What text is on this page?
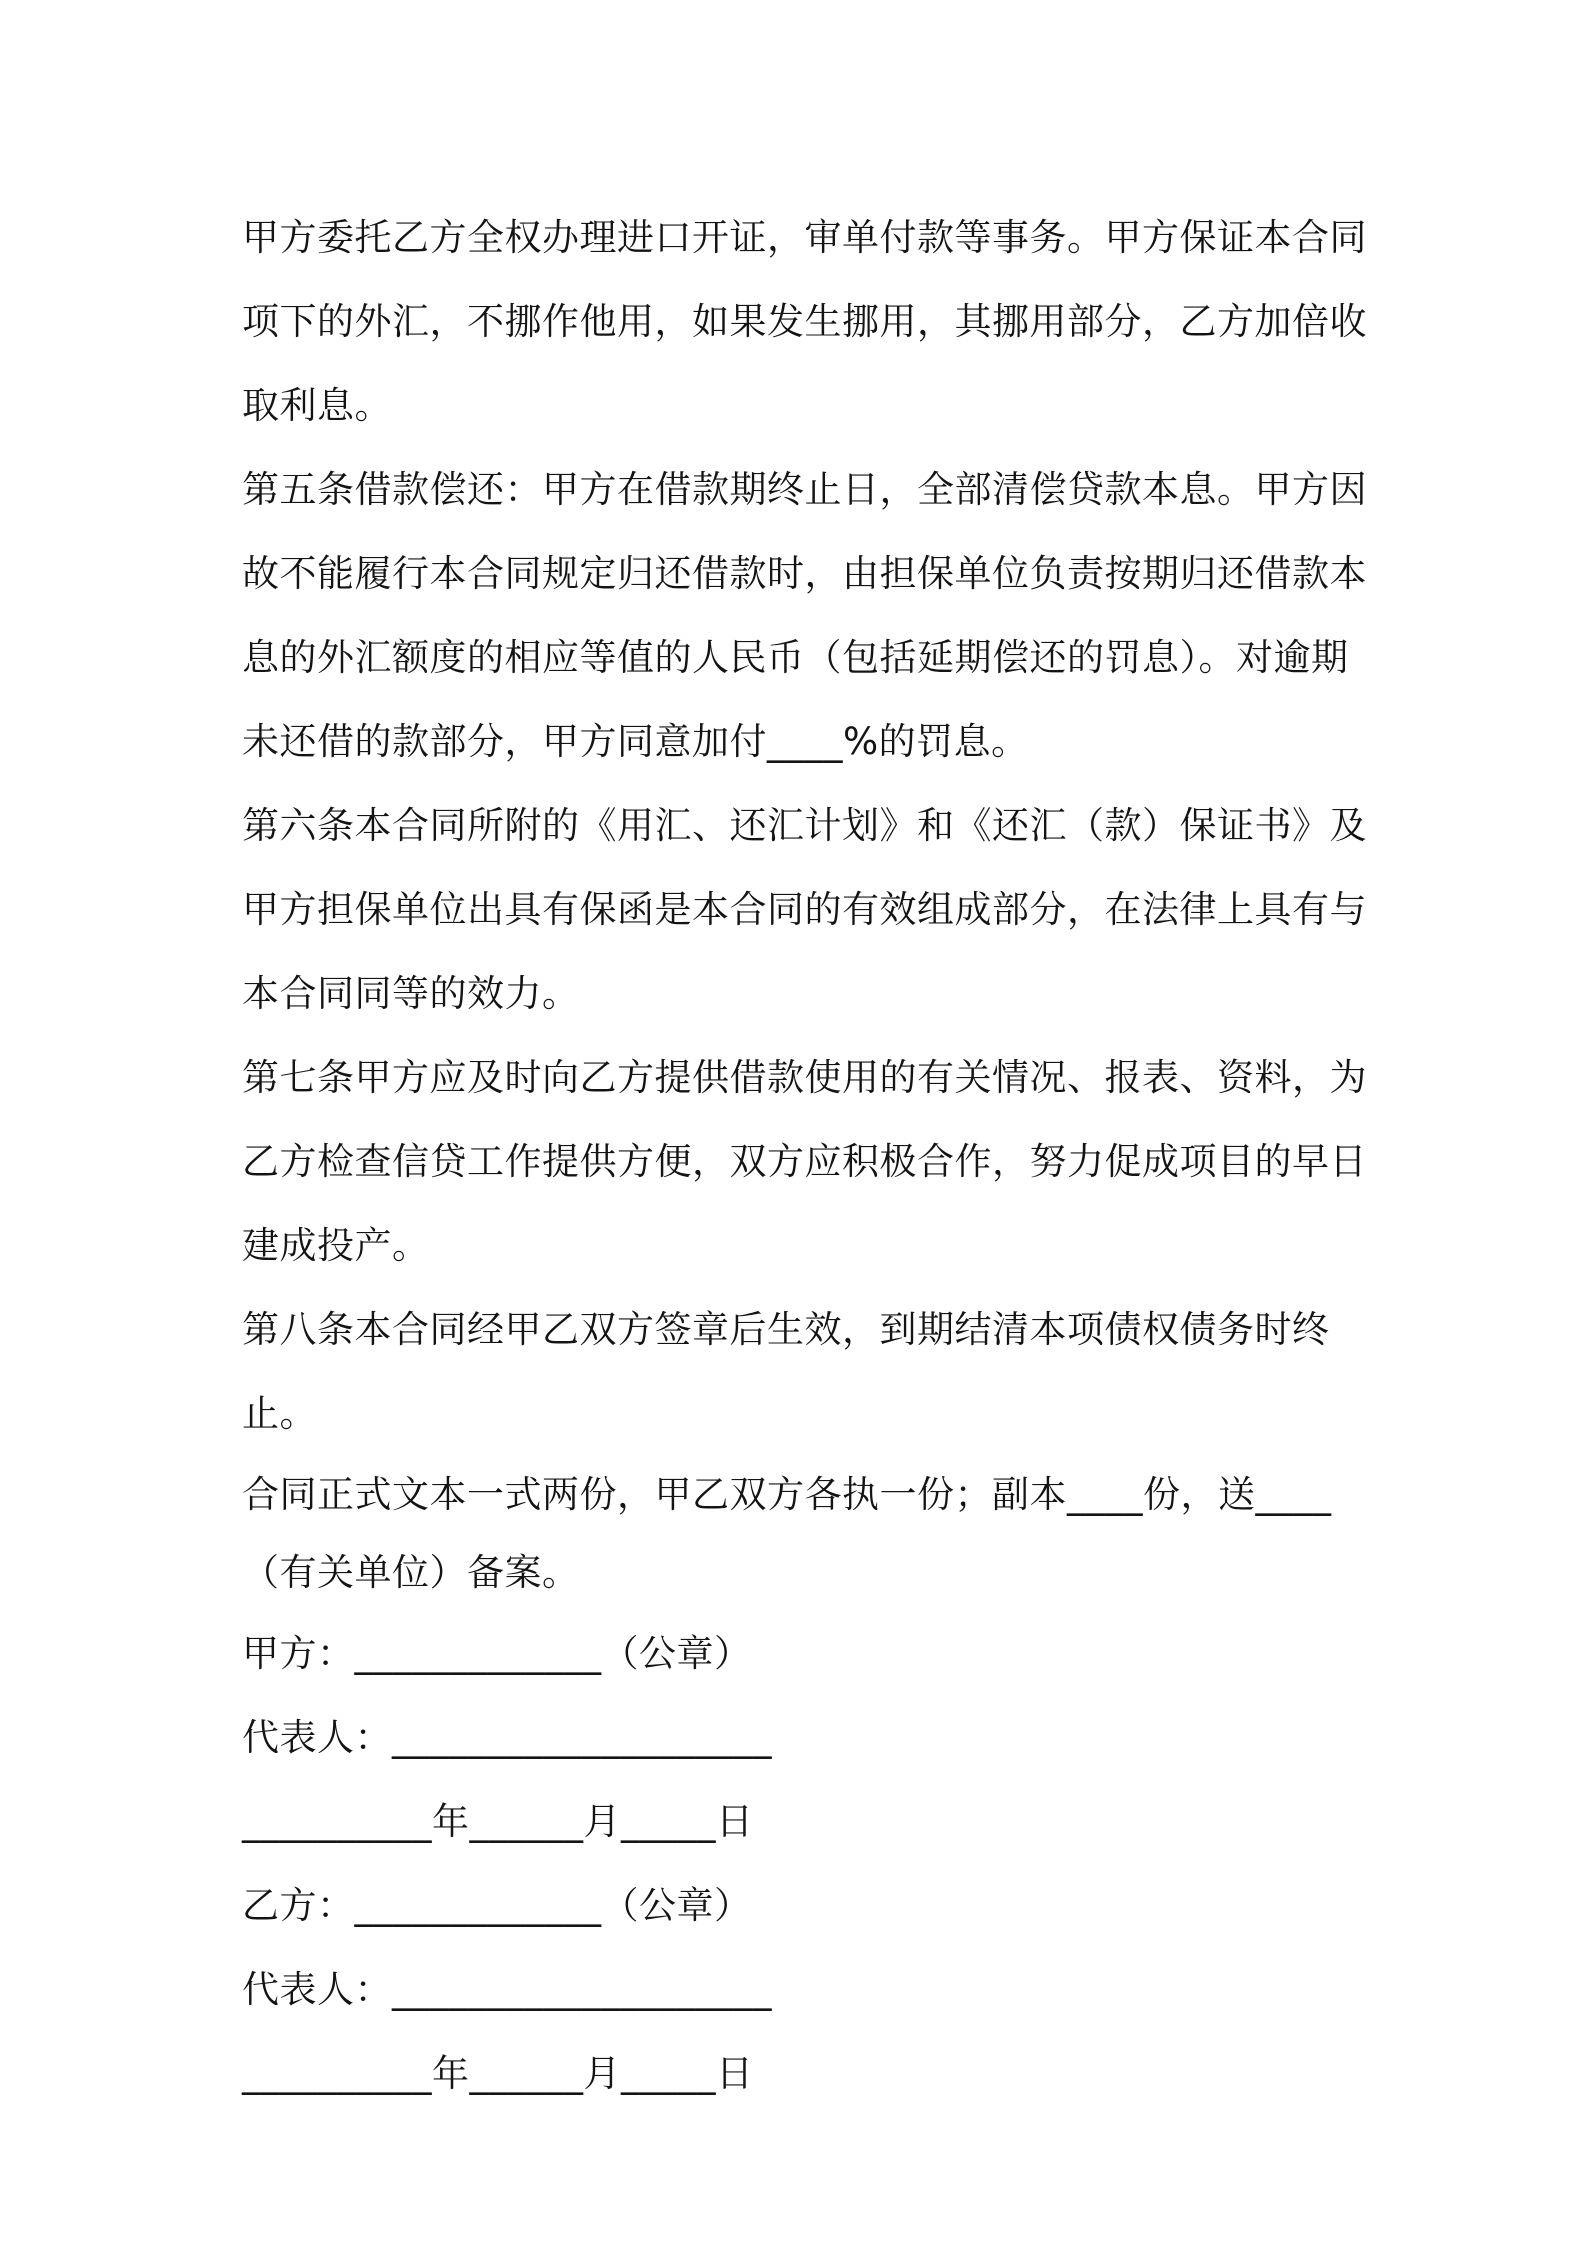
甲方委托乙方全权办理进口开证，审单付款等事务。甲方保证本合同项下的外汇，不挪作他用，如果发生挪用，其挪用部分，乙方加倍收取利息。

第五条借款偿还：甲方在借款期终止日，全部清偿贷款本息。甲方因故不能履行本合同规定归还借款时，由担保单位负责按期归还借款本息的外汇额度的相应等值的人民币（包括延期偿还的罚息）。对逾期未还借的款部分，甲方同意加付____%的罚息。

第六条本合同所附的《用汇、还汇计划》和《还汇（款）保证书》及甲方担保单位出具有保函是本合同的有效组成部分，在法律上具有与本合同同等的效力。

第七条甲方应及时向乙方提供借款使用的有关情况、报表、资料，为乙方检查信贷工作提供方便，双方应积极合作，努力促成项目的早日建成投产。

第八条本合同经甲乙双方签章后生效，到期结清本项债权债务时终止。

合同正式文本一式两份，甲乙双方各执一份；副本____份，送____（有关单位）备案。

甲方：_____________（公章）

代表人：____________________

__________年______月_____日

乙方：_____________（公章）

代表人：____________________

__________年______月_____日
